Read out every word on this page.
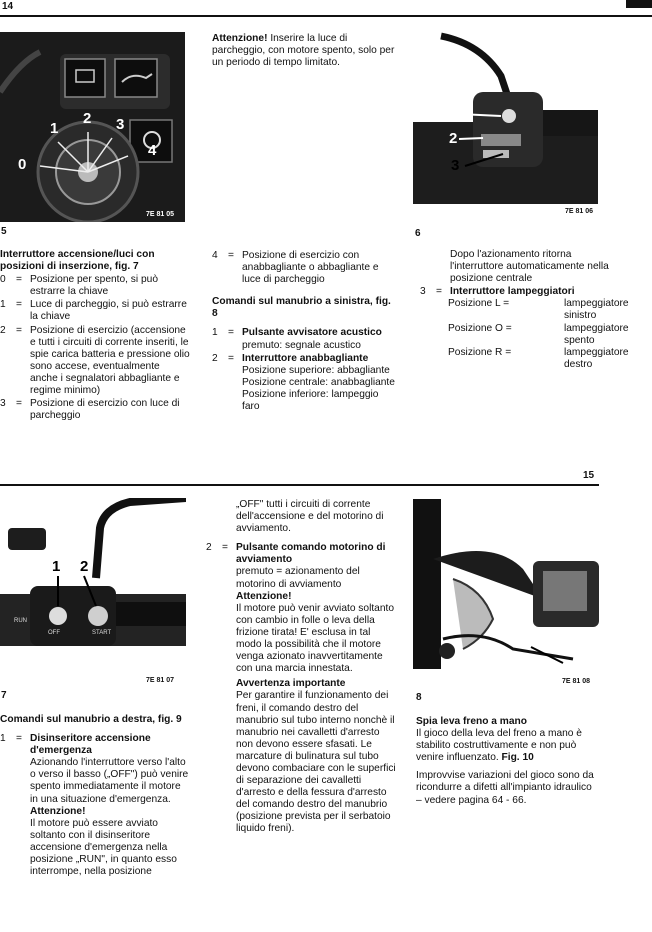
14
0
1
2 3
4
7E 81 05
5

Attenzione! Inserire la luce di parcheggio, con motore spento, solo per un periodo di tempo limitato.

1
2
3
7E 81 06
6

Interruttore accensione/luci con posizioni di inserzione, fig. 7

0	= Posizione per spento, si può estrarre la chiave
1	= Luce di parcheggio, si può estrarre la chiave
2	= Posizione di esercizio (accensione e tutti i circuiti di corrente inseriti, le spie carica batteria e pressione olio sono accese, eventualmente anche i segnalatori abbagliante e regime minimo)
3	= Posizione di esercizio con luce di parcheggio
4	= Posizione di esercizio con anabbagliante o abbagliante e luce di parcheggio

Comandi sul manubrio a sinistra, fig. 8

1	= Pulsante avvisatore acustico
premuto: segnale acustico
2	= Interruttore anabbagliante
Posizione superiore: abbagliante
Posizione centrale: anabbagliante
Posizione inferiore: lampeggio faro

Dopo l'azionamento ritorna l'interruttore automaticamente nella posizione centrale

3	= Interruttore lampeggiatori
Posizione L =	lampeggiatore sinistro
Posizione O =	lampeggiatore spento
Posizione R =	lampeggiatore destro
15
1 2
RUN
OFF	START
7E 81 07
7

Comandi sul manubrio a destra, fig. 9

1	= Disinseritore accensione d'emergenza
Azionando l'interruttore verso l'alto o verso il basso („OFF") può venire spento immediatamente il motore in una situazione d'emergenza.

Attenzione!

Il motore può essere avviato soltanto con il disinseritore accensione d'emergenza nella posizione „RUN", in quanto esso interrompe, nella posizione

„OFF" tutti i circuiti di corrente dell'accensione e del motorino di avviamento.

2	= Pulsante comando motorino di avviamento
premuto = azionamento del motorino di avviamento

Attenzione!

Il motore può venir avviato soltanto con cambio in folle o leva della frizione tirata! E' esclusa in tal modo la possibilità che il motore venga azionato inavvertitamente con una marcia innestata.

Avvertenza importante

Per garantire il funzionamento dei freni, il comando destro del manubrio sul tubo interno nonchè il manubrio nei cavalletti d'arresto non devono essere sfasati. Le marcature di bulinatura sul tubo devono combaciare con le superfici di separazione dei cavalletti d'arresto e della fessura d'arresto del comando destro del manubrio (posizione prevista per il serbatoio liquido freni).

7E 81 08
8

Spia leva freno a mano

Il gioco della leva del freno a mano è stabilito costruttivamente e non può venire influenzato. Fig. 10

Improvvise variazioni del gioco sono da ricondurre a difetti all'impianto idraulico – vedere pagina 64 - 66.
